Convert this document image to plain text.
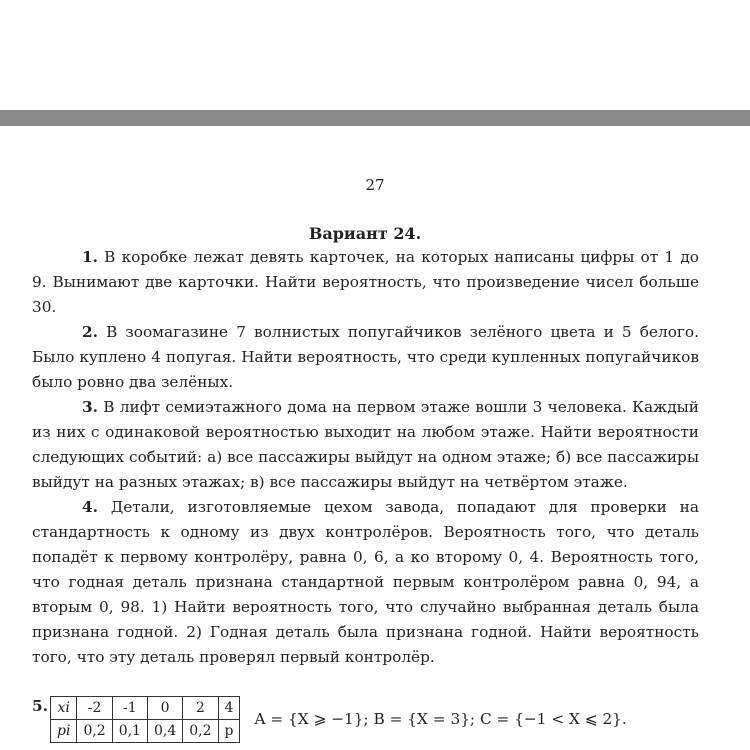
27
Вариант 24.

1. В коробке лежат девять карточек, на которых написаны цифры от 1 до 9. Вынимают две карточки. Найти вероятность, что произведение чисел больше 30.

2. В зоомагазине 7 волнистых попугайчиков зелёного цвета и 5 белого. Было куплено 4 попугая. Найти вероятность, что среди купленных попугайчиков было ровно два зелёных.

3. В лифт семиэтажного дома на первом этаже вошли 3 человека. Каждый из них с одинаковой вероятностью выходит на любом этаже. Найти вероятности следующих событий: а) все пассажиры выйдут на одном этаже; б) все пассажиры выйдут на разных этажах; в) все пассажиры выйдут на четвёртом этаже.

4. Детали, изготовляемые цехом завода, попадают для проверки на стандартность к одному из двух контролёров. Вероятность того, что деталь попадёт к первому контролёру, равна 0, 6, а ко второму 0, 4. Вероятность того, что годная деталь признана стандартной первым контролёром равна 0, 94, а вторым 0, 98. 1) Найти вероятность того, что случайно выбранная деталь была признана годной. 2) Годная деталь была признана годной. Найти вероятность того, что эту деталь проверял первый контролёр.

5. xi	-2	-1	0	2	4
pi	0,2	0,1	0,4	0,2	p
A = {X ⩾ −1}; B = {X = 3}; C = {−1 < X ⩽ 2}.
